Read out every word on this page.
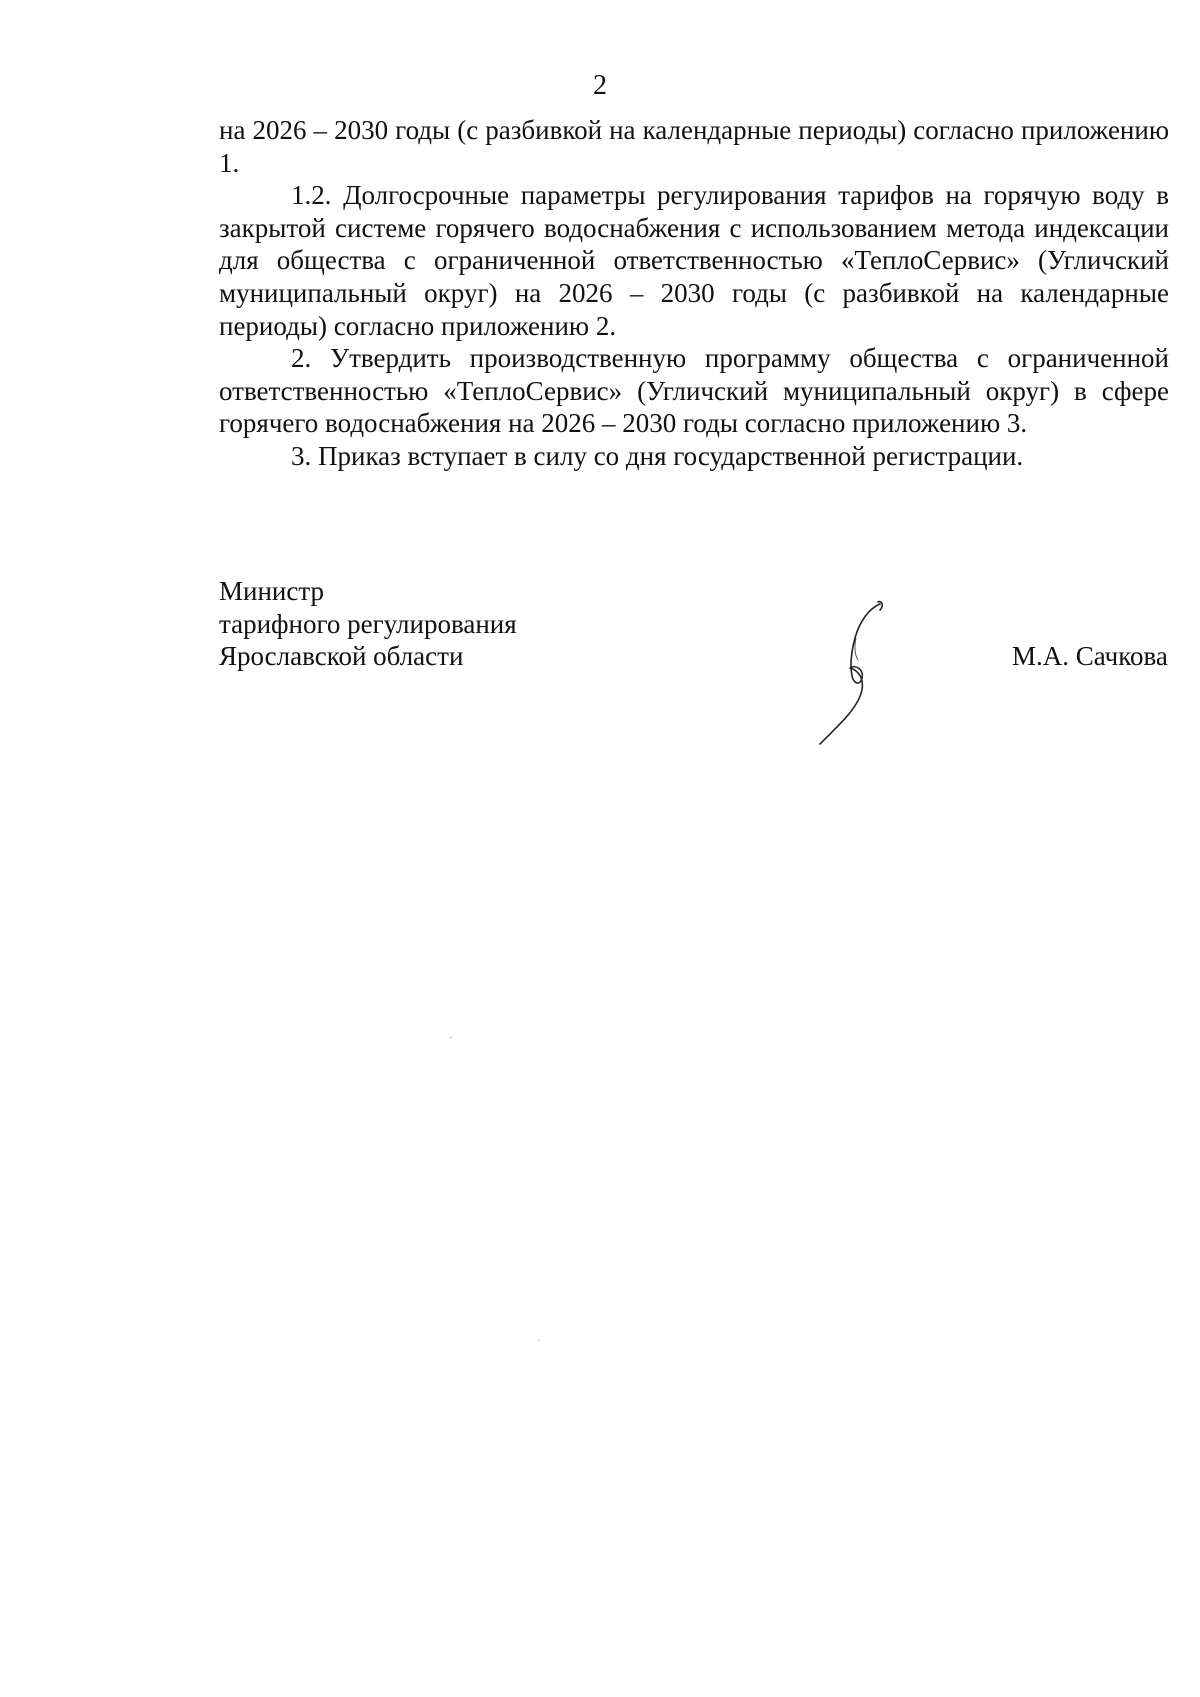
2

на 2026 – 2030 годы (с разбивкой на календарные периоды) согласно приложению 1.

1.2. Долгосрочные параметры регулирования тарифов на горячую воду в закрытой системе горячего водоснабжения с использованием метода индексации для общества с ограниченной ответственностью «ТеплоСервис» (Угличский муниципальный округ) на 2026 – 2030 годы (с разбивкой на календарные периоды) согласно приложению 2.

2. Утвердить производственную программу общества с ограниченной ответственностью «ТеплоСервис» (Угличский муниципальный округ) в сфере горячего водоснабжения на 2026 – 2030 годы согласно приложению 3.

3. Приказ вступает в силу со дня государственной регистрации.

Министр
тарифного регулирования
Ярославской области	М.А. Сачкова
